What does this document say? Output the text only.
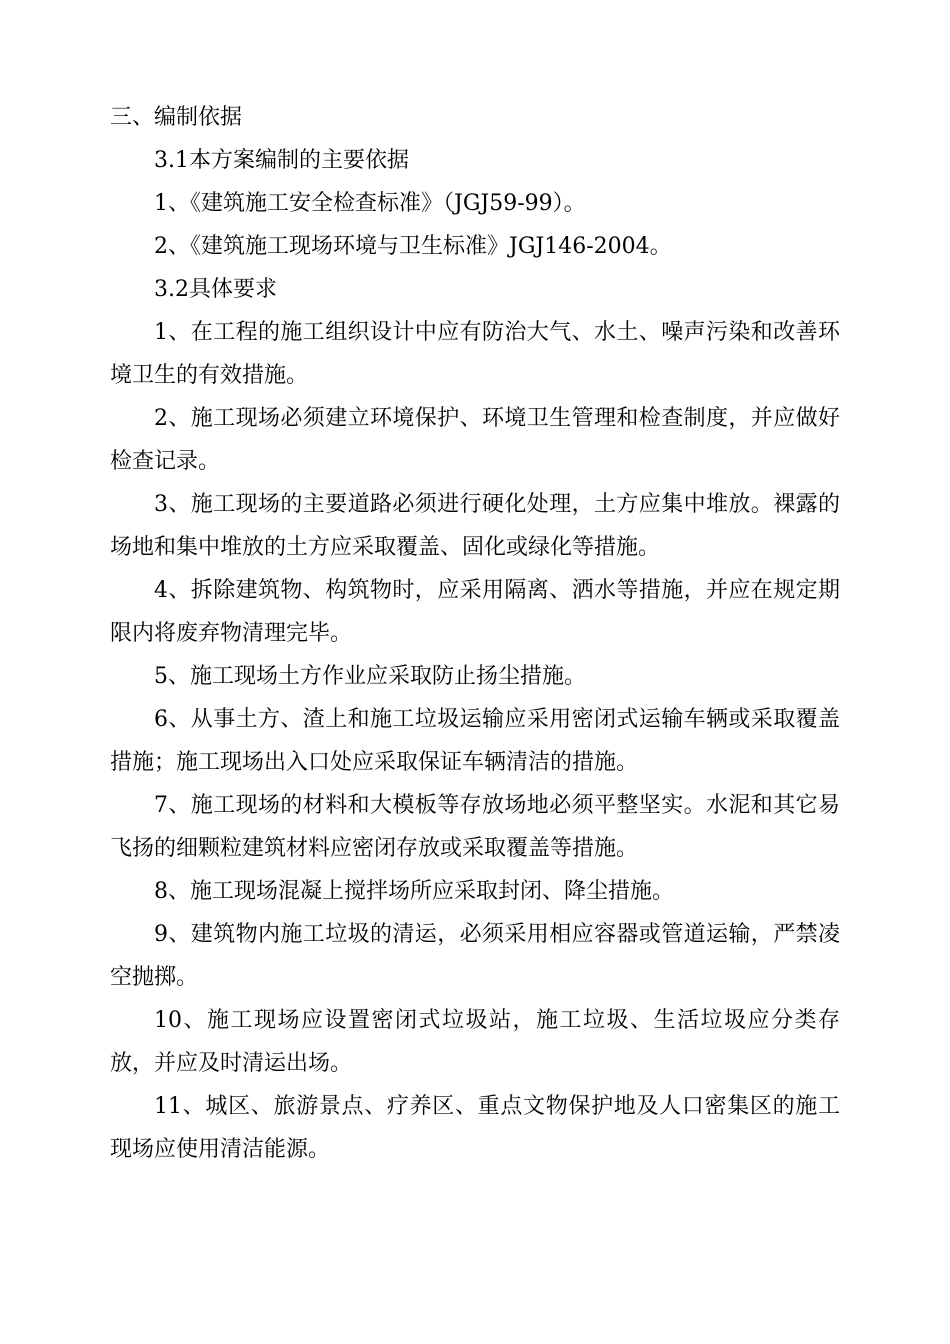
三、编制依据
3.1本方案编制的主要依据
1、《建筑施工安全检查标准》（JGJ59-99）。
2、《建筑施工现场环境与卫生标准》JGJ146-2004。
3.2具体要求
1、在工程的施工组织设计中应有防治大气、水土、噪声污染和改善环境卫生的有效措施。
2、施工现场必须建立环境保护、环境卫生管理和检查制度，并应做好检查记录。
3、施工现场的主要道路必须进行硬化处理，土方应集中堆放。裸露的场地和集中堆放的土方应采取覆盖、固化或绿化等措施。
4、拆除建筑物、构筑物时，应采用隔离、洒水等措施，并应在规定期限内将废弃物清理完毕。
5、施工现场土方作业应采取防止扬尘措施。
6、从事土方、渣上和施工垃圾运输应采用密闭式运输车辆或采取覆盖措施；施工现场出入口处应采取保证车辆清洁的措施。
7、施工现场的材料和大模板等存放场地必须平整坚实。水泥和其它易飞扬的细颗粒建筑材料应密闭存放或采取覆盖等措施。
8、施工现场混凝上搅拌场所应采取封闭、降尘措施。
9、建筑物内施工垃圾的清运，必须采用相应容器或管道运输，严禁凌空抛掷。
10、施工现场应设置密闭式垃圾站，施工垃圾、生活垃圾应分类存放，并应及时清运出场。
11、城区、旅游景点、疗养区、重点文物保护地及人口密集区的施工现场应使用清洁能源。
